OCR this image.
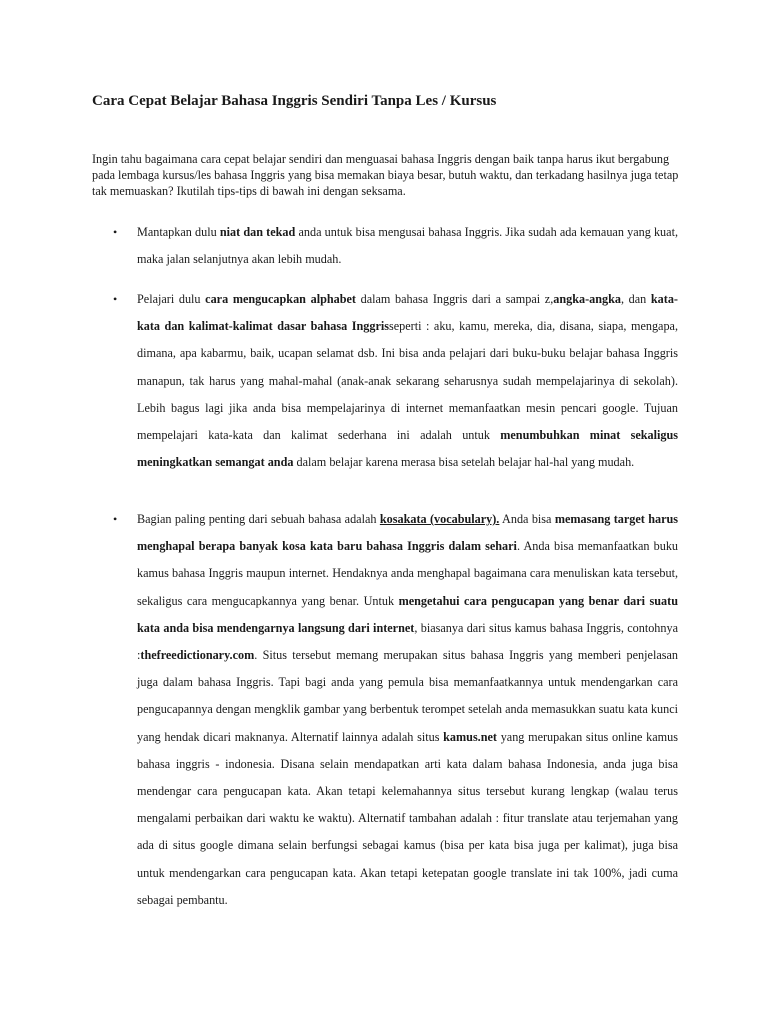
Cara Cepat Belajar Bahasa Inggris Sendiri Tanpa Les / Kursus

Ingin tahu bagaimana cara cepat belajar sendiri dan menguasai bahasa Inggris dengan baik tanpa harus ikut bergabung pada lembaga kursus/les bahasa Inggris yang bisa memakan biaya besar, butuh waktu, dan terkadang hasilnya juga tetap tak memuaskan? Ikutilah tips-tips di bawah ini dengan seksama.

• Mantapkan dulu niat dan tekad anda untuk bisa mengusai bahasa Inggris. Jika sudah ada kemauan yang kuat, maka jalan selanjutnya akan lebih mudah.

• Pelajari dulu cara mengucapkan alphabet dalam bahasa Inggris dari a sampai z,angka-angka, dan kata-kata dan kalimat-kalimat dasar bahasa Inggrisseperti : aku, kamu, mereka, dia, disana, siapa, mengapa, dimana, apa kabarmu, baik, ucapan selamat dsb. Ini bisa anda pelajari dari buku-buku belajar bahasa Inggris manapun, tak harus yang mahal-mahal (anak-anak sekarang seharusnya sudah mempelajarinya di sekolah). Lebih bagus lagi jika anda bisa mempelajarinya di internet memanfaatkan mesin pencari google. Tujuan mempelajari kata-kata dan kalimat sederhana ini adalah untuk menumbuhkan minat sekaligus meningkatkan semangat anda dalam belajar karena merasa bisa setelah belajar hal-hal yang mudah.

• Bagian paling penting dari sebuah bahasa adalah kosakata (vocabulary). Anda bisa memasang target harus menghapal berapa banyak kosa kata baru bahasa Inggris dalam sehari. Anda bisa memanfaatkan buku kamus bahasa Inggris maupun internet. Hendaknya anda menghapal bagaimana cara menuliskan kata tersebut, sekaligus cara mengucapkannya yang benar. Untuk mengetahui cara pengucapan yang benar dari suatu kata anda bisa mendengarnya langsung dari internet, biasanya dari situs kamus bahasa Inggris, contohnya :thefreedictionary.com. Situs tersebut memang merupakan situs bahasa Inggris yang memberi penjelasan juga dalam bahasa Inggris. Tapi bagi anda yang pemula bisa memanfaatkannya untuk mendengarkan cara pengucapannya dengan mengklik gambar yang berbentuk terompet setelah anda memasukkan suatu kata kunci yang hendak dicari maknanya. Alternatif lainnya adalah situs kamus.net yang merupakan situs online kamus bahasa inggris - indonesia. Disana selain mendapatkan arti kata dalam bahasa Indonesia, anda juga bisa mendengar cara pengucapan kata. Akan tetapi kelemahannya situs tersebut kurang lengkap (walau terus mengalami perbaikan dari waktu ke waktu). Alternatif tambahan adalah : fitur translate atau terjemahan yang ada di situs google dimana selain berfungsi sebagai kamus (bisa per kata bisa juga per kalimat), juga bisa untuk mendengarkan cara pengucapan kata. Akan tetapi ketepatan google translate ini tak 100%, jadi cuma sebagai pembantu.
